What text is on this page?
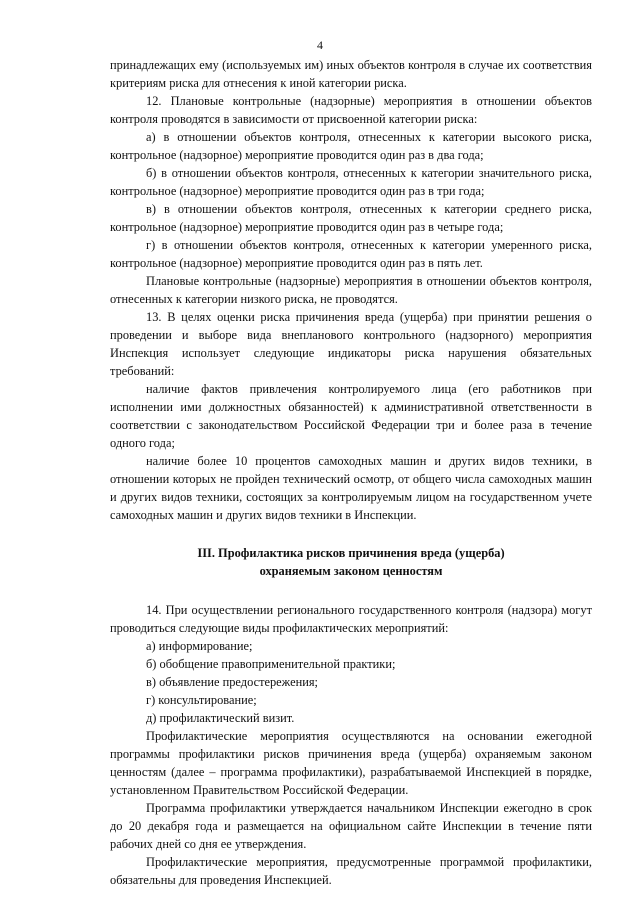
4

принадлежащих ему (используемых им) иных объектов контроля в случае их соответствия критериям риска для отнесения к иной категории риска.

12. Плановые контрольные (надзорные) мероприятия в отношении объектов контроля проводятся в зависимости от присвоенной категории риска:

а) в отношении объектов контроля, отнесенных к категории высокого риска, контрольное (надзорное) мероприятие проводится один раз в два года;

б) в отношении объектов контроля, отнесенных к категории значительного риска, контрольное (надзорное) мероприятие проводится один раз в три года;

в) в отношении объектов контроля, отнесенных к категории среднего риска, контрольное (надзорное) мероприятие проводится один раз в четыре года;

г) в отношении объектов контроля, отнесенных к категории умеренного риска, контрольное (надзорное) мероприятие проводится один раз в пять лет.

Плановые контрольные (надзорные) мероприятия в отношении объектов контроля, отнесенных к категории низкого риска, не проводятся.

13. В целях оценки риска причинения вреда (ущерба) при принятии решения о проведении и выборе вида внепланового контрольного (надзорного) мероприятия Инспекция использует следующие индикаторы риска нарушения обязательных требований:

наличие фактов привлечения контролируемого лица (его работников при исполнении ими должностных обязанностей) к административной ответственности в соответствии с законодательством Российской Федерации три и более раза в течение одного года;

наличие более 10 процентов самоходных машин и других видов техники, в отношении которых не пройден технический осмотр, от общего числа самоходных машин и других видов техники, состоящих за контролируемым лицом на государственном учете самоходных машин и других видов техники в Инспекции.

III. Профилактика рисков причинения вреда (ущерба)
охраняемым законом ценностям

14. При осуществлении регионального государственного контроля (надзора) могут проводиться следующие виды профилактических мероприятий:

а) информирование;

б) обобщение правоприменительной практики;

в) объявление предостережения;

г) консультирование;

д) профилактический визит.

Профилактические мероприятия осуществляются на основании ежегодной программы профилактики рисков причинения вреда (ущерба) охраняемым законом ценностям (далее – программа профилактики), разрабатываемой Инспекцией в порядке, установленном Правительством Российской Федерации.

Программа профилактики утверждается начальником Инспекции ежегодно в срок до 20 декабря года и размещается на официальном сайте Инспекции в течение пяти рабочих дней со дня ее утверждения.

Профилактические мероприятия, предусмотренные программой профилактики, обязательны для проведения Инспекцией.
